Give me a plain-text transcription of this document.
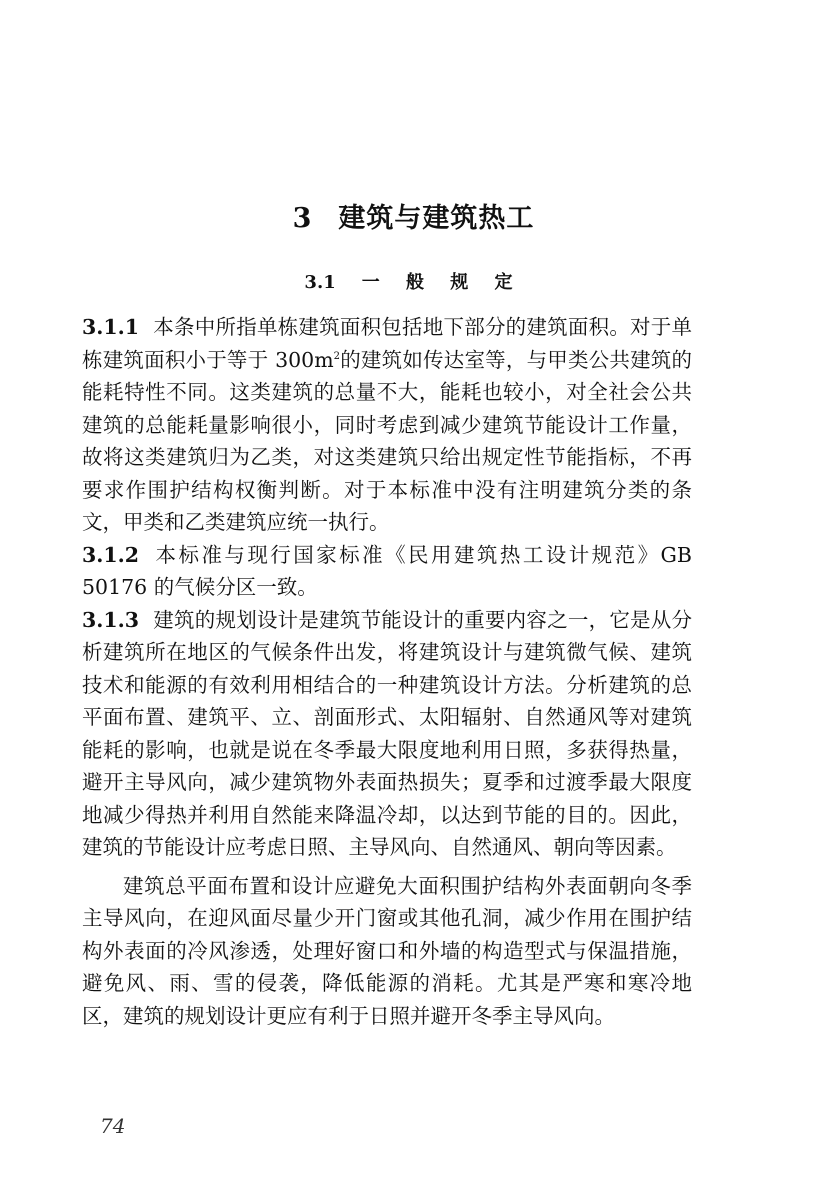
3 建筑与建筑热工
3.1 一 般 规 定

3.1.1 本条中所指单栋建筑面积包括地下部分的建筑面积。对于单栋建筑面积小于等于 $300m^2$的建筑如传达室等，与甲类公共建筑的能耗特性不同。这类建筑的总量不大，能耗也较小，对全社会公共建筑的总能耗量影响很小，同时考虑到减少建筑节能设计工作量，故将这类建筑归为乙类，对这类建筑只给出规定性节能指标，不再要求作围护结构权衡判断。对于本标准中没有注明建筑分类的条文，甲类和乙类建筑应统一执行。

3.1.2 本标准与现行国家标准《民用建筑热工设计规范》GB 50176 的气候分区一致。

3.1.3 建筑的规划设计是建筑节能设计的重要内容之一，它是从分析建筑所在地区的气候条件出发，将建筑设计与建筑微气候、建筑技术和能源的有效利用相结合的一种建筑设计方法。分析建筑的总平面布置、建筑平、立、剖面形式、太阳辐射、自然通风等对建筑能耗的影响，也就是说在冬季最大限度地利用日照，多获得热量，避开主导风向，减少建筑物外表面热损失；夏季和过渡季最大限度地减少得热并利用自然能来降温冷却，以达到节能的目的。因此，建筑的节能设计应考虑日照、主导风向、自然通风、朝向等因素。

建筑总平面布置和设计应避免大面积围护结构外表面朝向冬季主导风向，在迎风面尽量少开门窗或其他孔洞，减少作用在围护结构外表面的冷风渗透，处理好窗口和外墙的构造型式与保温措施，避免风、雨、雪的侵袭，降低能源的消耗。尤其是严寒和寒冷地区，建筑的规划设计更应有利于日照并避开冬季主导风向。

74
